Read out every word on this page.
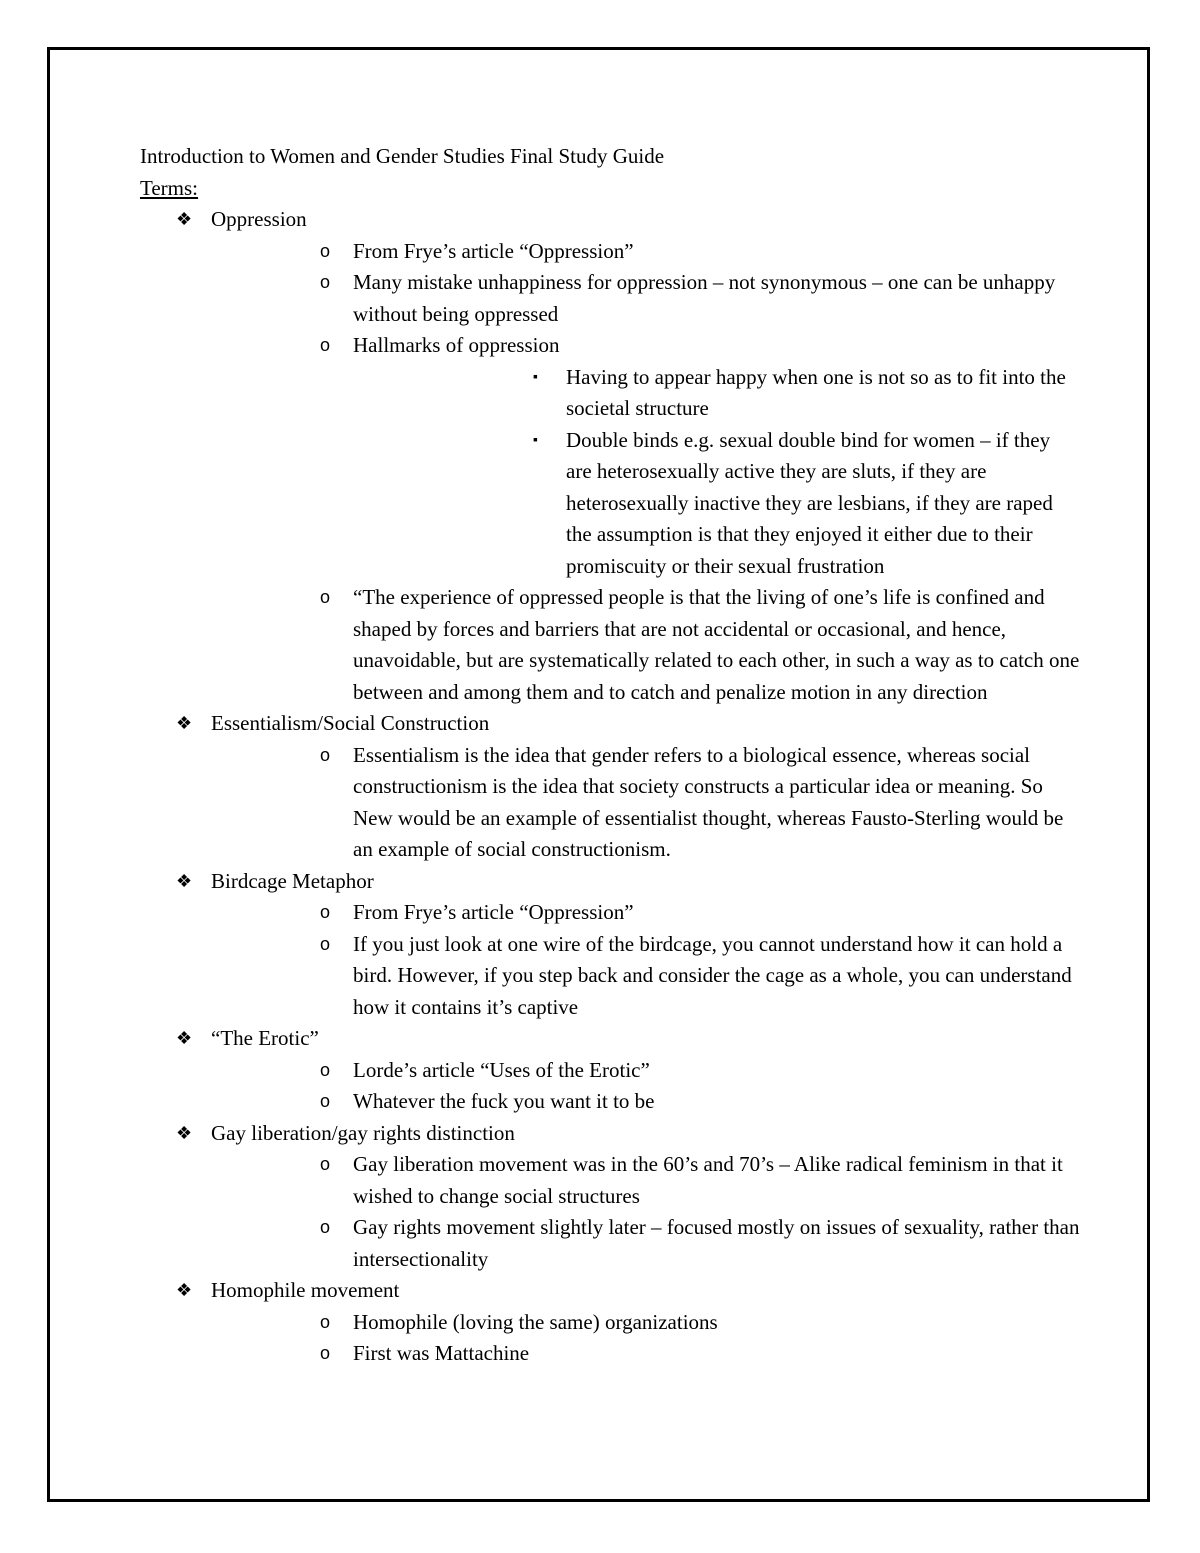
Introduction to Women and Gender Studies Final Study Guide

Terms:

❖ Oppression
o From Frye’s article “Oppression”
o Many mistake unhappiness for oppression – not synonymous – one can be unhappy without being oppressed
o Hallmarks of oppression
▪ Having to appear happy when one is not so as to fit into the societal structure
▪ Double binds e.g. sexual double bind for women – if they are heterosexually active they are sluts, if they are heterosexually inactive they are lesbians, if they are raped the assumption is that they enjoyed it either due to their promiscuity or their sexual frustration
o “The experience of oppressed people is that the living of one’s life is confined and shaped by forces and barriers that are not accidental or occasional, and hence, unavoidable, but are systematically related to each other, in such a way as to catch one between and among them and to catch and penalize motion in any direction
❖ Essentialism/Social Construction
o Essentialism is the idea that gender refers to a biological essence, whereas social constructionism is the idea that society constructs a particular idea or meaning. So New would be an example of essentialist thought, whereas Fausto-Sterling would be an example of social constructionism.
❖ Birdcage Metaphor
o From Frye’s article “Oppression”
o If you just look at one wire of the birdcage, you cannot understand how it can hold a bird. However, if you step back and consider the cage as a whole, you can understand how it contains it’s captive
❖ “The Erotic”
o Lorde’s article “Uses of the Erotic”
o Whatever the fuck you want it to be
❖ Gay liberation/gay rights distinction
o Gay liberation movement was in the 60’s and 70’s – Alike radical feminism in that it wished to change social structures
o Gay rights movement slightly later – focused mostly on issues of sexuality, rather than intersectionality
❖ Homophile movement
o Homophile (loving the same) organizations
o First was Mattachine
